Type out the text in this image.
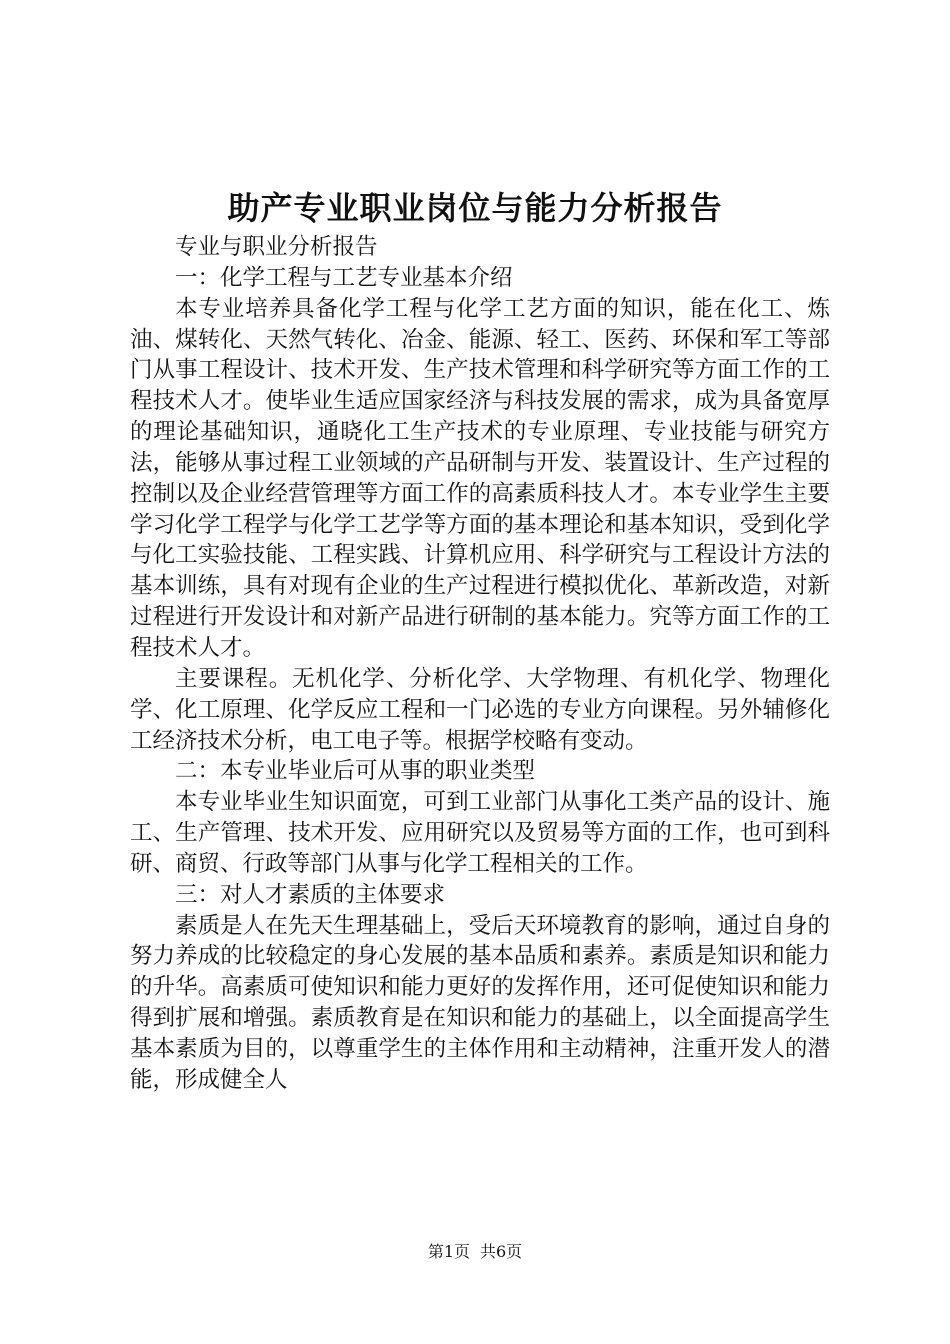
助产专业职业岗位与能力分析报告

专业与职业分析报告

一：化学工程与工艺专业基本介绍

本专业培养具备化学工程与化学工艺方面的知识，能在化工、炼油、煤转化、天然气转化、冶金、能源、轻工、医药、环保和军工等部门从事工程设计、技术开发、生产技术管理和科学研究等方面工作的工程技术人才。使毕业生适应国家经济与科技发展的需求，成为具备宽厚的理论基础知识，通晓化工生产技术的专业原理、专业技能与研究方法，能够从事过程工业领域的产品研制与开发、装置设计、生产过程的控制以及企业经营管理等方面工作的高素质科技人才。本专业学生主要学习化学工程学与化学工艺学等方面的基本理论和基本知识，受到化学与化工实验技能、工程实践、计算机应用、科学研究与工程设计方法的基本训练，具有对现有企业的生产过程进行模拟优化、革新改造，对新过程进行开发设计和对新产品进行研制的基本能力。究等方面工作的工程技术人才。

主要课程。无机化学、分析化学、大学物理、有机化学、物理化学、化工原理、化学反应工程和一门必选的专业方向课程。另外辅修化工经济技术分析，电工电子等。根据学校略有变动。

二：本专业毕业后可从事的职业类型

本专业毕业生知识面宽，可到工业部门从事化工类产品的设计、施工、生产管理、技术开发、应用研究以及贸易等方面的工作，也可到科研、商贸、行政等部门从事与化学工程相关的工作。

三：对人才素质的主体要求

素质是人在先天生理基础上，受后天环境教育的影响，通过自身的努力养成的比较稳定的身心发展的基本品质和素养。素质是知识和能力的升华。高素质可使知识和能力更好的发挥作用，还可促使知识和能力得到扩展和增强。素质教育是在知识和能力的基础上，以全面提高学生基本素质为目的，以尊重学生的主体作用和主动精神，注重开发人的潜能，形成健全人

第1页 共6页
